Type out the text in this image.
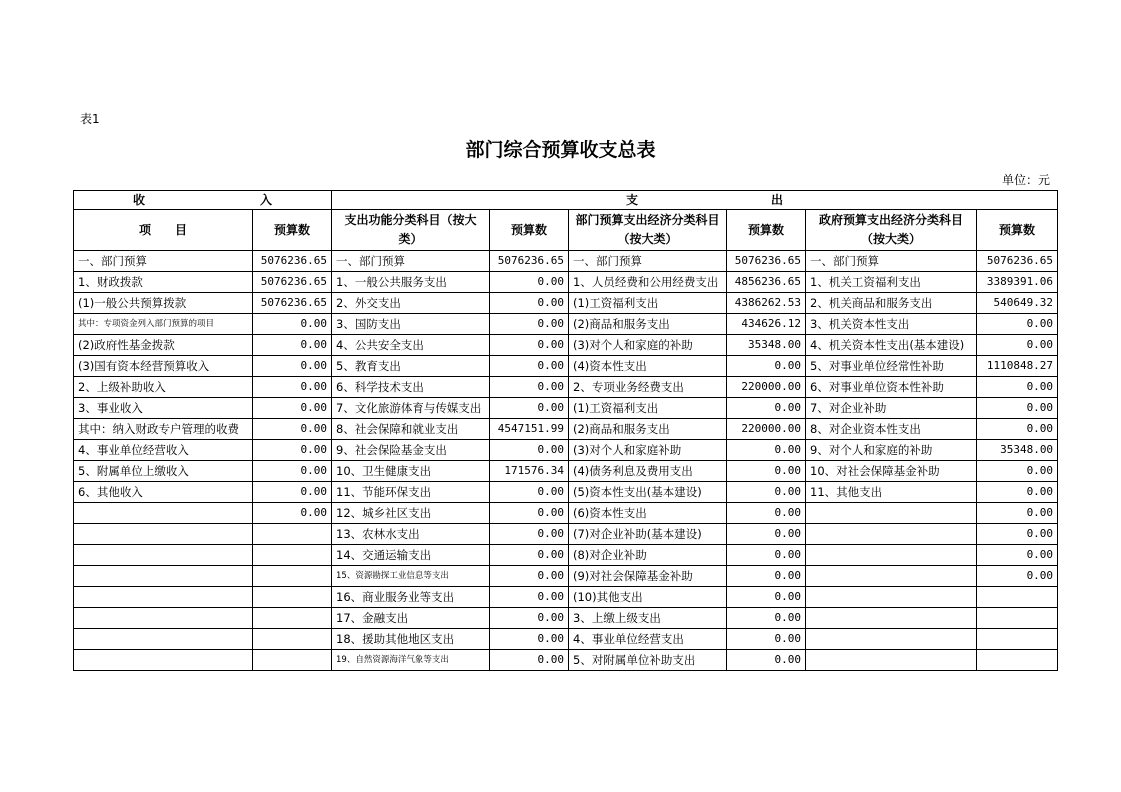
表1
部门综合预算收支总表
单位：元
收 入		支 出					

项　　目	预算数	支出功能分类科目（按大类）	预算数	部门预算支出经济分类科目（按大类）	预算数	政府预算支出经济分类科目（按大类）	预算数
一、部门预算	5076236.65	一、部门预算	5076236.65	一、部门预算	5076236.65	一、部门预算	5076236.65
1、财政拨款	5076236.65	1、一般公共服务支出	0.00	1、人员经费和公用经费支出	4856236.65	1、机关工资福利支出	3389391.06
(1)一般公共预算拨款	5076236.65	2、外交支出	0.00	(1)工资福利支出	4386262.53	2、机关商品和服务支出	540649.32
其中：专项资金列入部门预算的项目	0.00	3、国防支出	0.00	(2)商品和服务支出	434626.12	3、机关资本性支出	0.00
(2)政府性基金拨款	0.00	4、公共安全支出	0.00	(3)对个人和家庭的补助	35348.00	4、机关资本性支出(基本建设)	0.00
(3)国有资本经营预算收入	0.00	5、教育支出	0.00	(4)资本性支出	0.00	5、对事业单位经常性补助	1110848.27
2、上级补助收入	0.00	6、科学技术支出	0.00	2、专项业务经费支出	220000.00	6、对事业单位资本性补助	0.00
3、事业收入	0.00	7、文化旅游体育与传媒支出	0.00	(1)工资福利支出	0.00	7、对企业补助	0.00
其中：纳入财政专户管理的收费	0.00	8、社会保障和就业支出	4547151.99	(2)商品和服务支出	220000.00	8、对企业资本性支出	0.00
4、事业单位经营收入	0.00	9、社会保险基金支出	0.00	(3)对个人和家庭补助	0.00	9、对个人和家庭的补助	35348.00
5、附属单位上缴收入	0.00	10、卫生健康支出	171576.34	(4)债务利息及费用支出	0.00	10、对社会保障基金补助	0.00
6、其他收入	0.00	11、节能环保支出	0.00	(5)资本性支出(基本建设)	0.00	11、其他支出	0.00
	0.00	12、城乡社区支出	0.00	(6)资本性支出	0.00		0.00
		13、农林水支出	0.00	(7)对企业补助(基本建设)	0.00		0.00
		14、交通运输支出	0.00	(8)对企业补助	0.00		0.00
		15、资源勘探工业信息等支出	0.00	(9)对社会保障基金补助	0.00		0.00
		16、商业服务业等支出	0.00	(10)其他支出	0.00		
		17、金融支出	0.00	3、上缴上级支出	0.00		
		18、援助其他地区支出	0.00	4、事业单位经营支出	0.00		
		19、自然资源海洋气象等支出	0.00	5、对附属单位补助支出	0.00		
